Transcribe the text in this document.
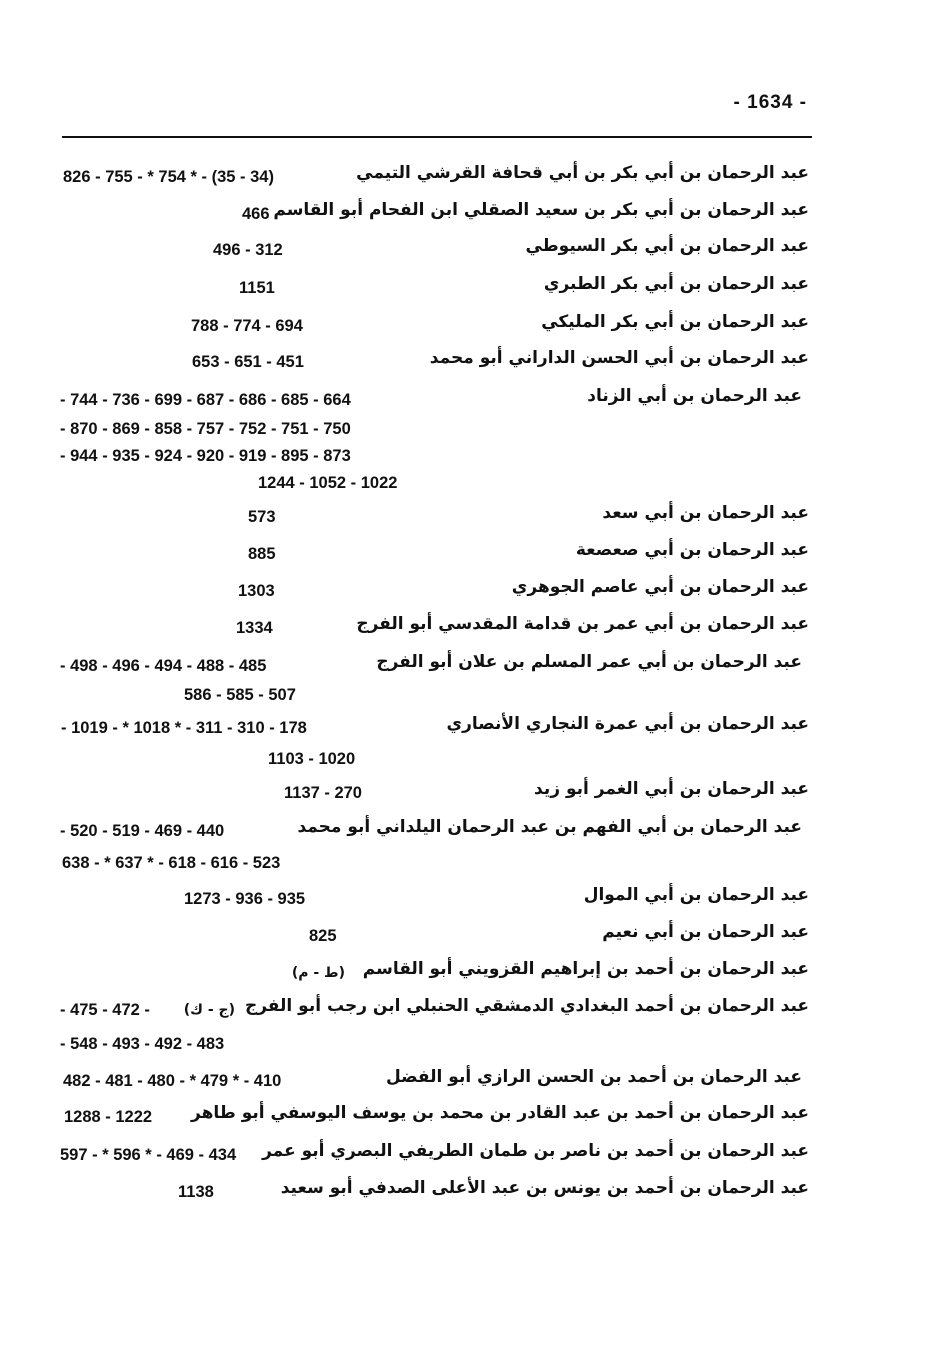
- 1634 -
عبد الرحمان بن أبي بكر بن أبي قحافة القرشي التيمي
826 - 755 - * 754 * - (35 - 34)
عبد الرحمان بن أبي بكر بن سعيد الصقلي ابن الفحام أبو القاسم
466
عبد الرحمان بن أبي بكر السيوطي
496 - 312
عبد الرحمان بن أبي بكر الطبري
1151
عبد الرحمان بن أبي بكر المليكي
788 - 774 - 694
عبد الرحمان بن أبي الحسن الداراني أبو محمد
653 - 651 - 451
عبد الرحمان بن أبي الزناد
- 744 - 736 - 699 - 687 - 686 - 685 - 664
- 870 - 869 - 858 - 757 - 752 - 751 - 750
- 944 - 935 - 924 - 920 - 919 - 895 - 873
1244 - 1052 - 1022
عبد الرحمان بن أبي سعد
573
عبد الرحمان بن أبي صعصعة
885
عبد الرحمان بن أبي عاصم الجوهري
1303
عبد الرحمان بن أبي عمر بن قدامة المقدسي أبو الفرج
1334
عبد الرحمان بن أبي عمر المسلم بن علان أبو الفرج
- 498 - 496 - 494 - 488 - 485
586 - 585 - 507
عبد الرحمان بن أبي عمرة النجاري الأنصاري
- 1019 - * 1018 * - 311 - 310 - 178
1103 - 1020
عبد الرحمان بن أبي الغمر أبو زيد
1137 - 270
عبد الرحمان بن أبي الفهم بن عبد الرحمان اليلداني أبو محمد
- 520 - 519 - 469 - 440
638 - * 637 * - 618 - 616 - 523
عبد الرحمان بن أبي الموال
1273 - 936 - 935
عبد الرحمان بن أبي نعيم
825
عبد الرحمان بن أحمد بن إبراهيم القزويني أبو القاسم
(ط - م)
عبد الرحمان بن أحمد البغدادي الدمشقي الحنبلي ابن رجب أبو الفرج
(ج - ك)
- 475 - 472 -
- 548 - 493 - 492 - 483
عبد الرحمان بن أحمد بن الحسن الرازي أبو الفضل
482 - 481 - 480 - * 479 * - 410
عبد الرحمان بن أحمد بن عبد القادر بن محمد بن يوسف اليوسفي أبو طاهر
1288 - 1222
عبد الرحمان بن أحمد بن ناصر بن طمان الطريفي البصري أبو عمر
597 - * 596 * - 469 - 434
عبد الرحمان بن أحمد بن يونس بن عبد الأعلى الصدفي أبو سعيد
1138
